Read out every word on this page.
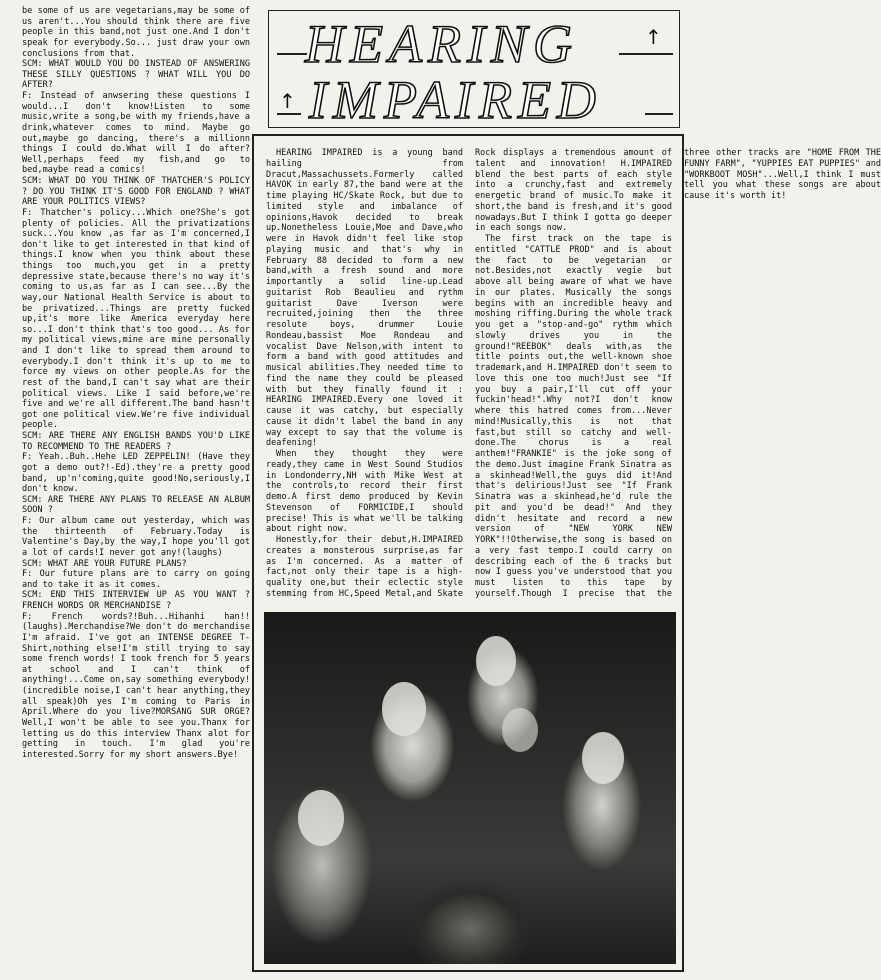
be some of us are vegetarians,may be some of us aren't...You should think there are five people in this band,not just one.And I don't speak for everybody.So... just draw your own conclusions from that.

SCM: WHAT WOULD YOU DO INSTEAD OF ANSWERING THESE SILLY QUESTIONS ? WHAT WILL YOU DO AFTER?

F: Instead of anwsering these questions I would...I don't know!Listen to some music,write a song,be with my friends,have a drink,whatever comes to mind. Maybe go out,maybe go dancing, there's a millionn things I could do.What will I do after? Well,perhaps feed my fish,and go to bed,maybe read a comics!

SCM: WHAT DO YOU THINK OF THATCHER'S POLICY ? DO YOU THINK IT'S GOOD FOR ENGLAND ? WHAT ARE YOUR POLITICS VIEWS?

F: Thatcher's policy...Which one?She's got plenty of policies. All the privatizations suck...You know ,as far as I'm concerned,I don't like to get interested in that kind of things.I know when you think about these things too much,you get in a pretty depressive state,because there's no way it's coming to us,as far as I can see...By the way,our National Health Service is about to be privatized...Things are pretty fucked up,it's more like America everyday here so...I don't think that's too good... As for my political views,mine are mine personally and I don't like to spread them around to everybody.I don't think it's up to me to force my views on other people.As for the rest of the band,I can't say what are their political views. Like I said before,we're five and we're all different.The band hasn't got one political view.We're five individual people.

SCM: ARE THERE ANY ENGLISH BANDS YOU'D LIKE TO RECOMMEND TO THE READERS ?

F: Yeah..Buh..Hehe LED ZEPPELIN! (Have they got a demo out?!-Ed).they're a pretty good band, up'n'coming,quite good!No,seriously,I don't know.

SCM: ARE THERE ANY PLANS TO RELEASE AN ALBUM SOON ?

F: Our album came out yesterday, which was the thirteenth of February.Today is Valentine's Day,by the way,I hope you'll got a lot of cards!I never got any!(laughs)

SCM: WHAT ARE YOUR FUTURE PLANS?

F: Our future plans are to carry on going and to take it as it comes.

SCM: END THIS INTERVIEW UP AS YOU WANT ? FRENCH WORDS OR MERCHANDISE ?

F: French words?!Buh...Hihanhi han!!(laughs).Merchandise?We don't do merchandise I'm afraid. I've got an INTENSE DEGREE T-Shirt,nothing else!I'm still trying to say some french words! I took french for 5 years at school and I can't think of anything!...Come on,say something everybody!(incredible noise,I can't hear anything,they all speak)Oh yes I'm coming to Paris in April.Where do you live?MORSANG SUR ORGE?Well,I won't be able to see you.Thanx for letting us do this interview Thanx alot for getting in touch. I'm glad you're interested.Sorry for my short answers.Bye!

HEARING	↑
↑ IMPAIRED

HEARING IMPAIRED is a young band hailing from Dracut,Massachussets.Formerly called HAVOK in early 87,the band were at the time playing HC/Skate Rock, but due to limited style and imbalance of opinions,Havok decided to break up.Nonetheless Louie,Moe and Dave,who were in Havok didn't feel like stop playing music and that's why in February 88 decided to form a new band,with a fresh sound and more importantly a solid line-up.Lead guitarist Rob Beaulieu and rythm guitarist Dave Iverson were recruited,joining then the three resolute boys, drummer Louie Rondeau,bassist Moe Rondeau and vocalist Dave Nelson,with intent to form a band with good attitudes and musical abilities.They needed time to find the name they could be pleased with but they finally found it : HEARING IMPAIRED.Every one loved it cause it was catchy, but especially cause it didn't label the band in any way except to say that the volume is deafening!

When they thought they were ready,they came in West Sound Studios in Londonderry,NH with Mike West at the controls,to record their first demo.A first demo produced by Kevin Stevenson of FORMICIDE,I should precise! This is what we'll be talking about right now.

Honestly,for their debut,H.IMPAIRED creates a monsterous surprise,as far as I'm concerned. As a matter of fact,not only their tape is a high-quality one,but their eclectic style stemming from HC,Speed Metal,and Skate Rock displays a tremendous amount of talent and innovation! H.IMPAIRED blend the best parts of each style into a crunchy,fast and extremely energetic brand of music.To make it short,the band is fresh,and it's good nowadays.But I think I gotta go deeper in each songs now.

The first track on the tape is entitled "CATTLE PROD" and is about the fact to be vegetarian or not.Besides,not exactly vegie but above all being aware of what we have in our plates. Musically the songs begins with an incredible heavy and moshing riffing.During the whole track you get a "stop-and-go" rythm which slowly drives you in the ground!"REEBOK" deals with,as the title points out,the well-known shoe trademark,and H.IMPAIRED don't seem to love this one too much!Just see "If you buy a pair,I'll cut off your fuckin'head!".Why not?I don't know where this hatred comes from...Never mind!Musically,this is not that fast,but still so catchy and well-done.The chorus is a real anthem!"FRANKIE" is the joke song of the demo.Just imagine Frank Sinatra as a skinhead!Well,the guys did it!And that's delirious!Just see "If Frank Sinatra was a skinhead,he'd rule the pit and you'd be dead!" And they didn't hesitate and record a new version of "NEW YORK NEW YORK"!!Otherwise,the song is based on a very fast tempo.I could carry on describing each of the 6 tracks but now I guess you've understood that you must listen to this tape by yourself.Though I precise that the three other tracks are "HOME FROM THE FUNNY FARM", "YUPPIES EAT PUPPIES" and "WORKBOOT MOSH"...Well,I think I must tell you what these songs are about cause it's worth it!
